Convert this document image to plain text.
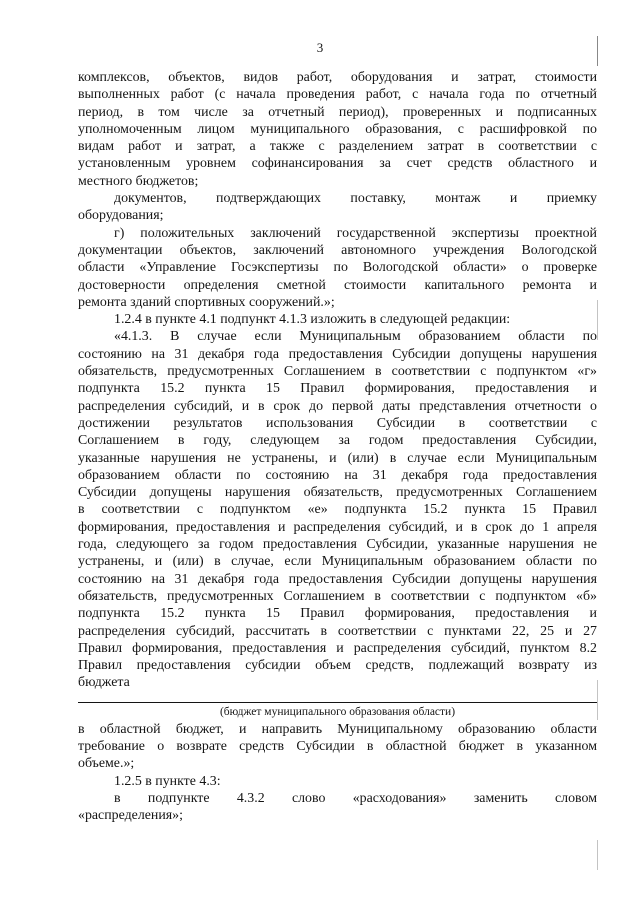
3
комплексов, объектов, видов работ, оборудования и затрат, стоимости
выполненных работ (с начала проведения работ, с начала года по отчетный
период, в том числе за отчетный период), проверенных и подписанных
уполномоченным лицом муниципального образования, с расшифровкой по
видам работ и затрат, а также с разделением затрат в соответствии с
установленным уровнем софинансирования за счет средств областного и
местного бюджетов;
документов, подтверждающих поставку, монтаж и приемку
оборудования;
г) положительных заключений государственной экспертизы проектной
документации объектов, заключений автономного учреждения Вологодской
области «Управление Госэкспертизы по Вологодской области» о проверке
достоверности определения сметной стоимости капитального ремонта и
ремонта зданий спортивных сооружений.»;
1.2.4 в пункте 4.1 подпункт 4.1.3 изложить в следующей редакции:
«4.1.3. В случае если Муниципальным образованием области по
состоянию на 31 декабря года предоставления Субсидии допущены нарушения
обязательств, предусмотренных Соглашением в соответствии с подпунктом «г»
подпункта 15.2 пункта 15 Правил формирования, предоставления и
распределения субсидий, и в срок до первой даты представления отчетности о
достижении результатов использования Субсидии в соответствии с
Соглашением в году, следующем за годом предоставления Субсидии,
указанные нарушения не устранены, и (или) в случае если Муниципальным
образованием области по состоянию на 31 декабря года предоставления
Субсидии допущены нарушения обязательств, предусмотренных Соглашением
в соответствии с подпунктом «е» подпункта 15.2 пункта 15 Правил
формирования, предоставления и распределения субсидий, и в срок до 1 апреля
года, следующего за годом предоставления Субсидии, указанные нарушения не
устранены, и (или) в случае, если Муниципальным образованием области по
состоянию на 31 декабря года предоставления Субсидии допущены нарушения
обязательств, предусмотренных Соглашением в соответствии с подпунктом «б»
подпункта 15.2 пункта 15 Правил формирования, предоставления и
распределения субсидий, рассчитать в соответствии с пунктами 22, 25 и 27
Правил формирования, предоставления и распределения субсидий, пунктом 8.2
Правил предоставления субсидии объем средств, подлежащий возврату из
бюджета
(бюджет муниципального образования области)
в областной бюджет, и направить Муниципальному образованию области
требование о возврате средств Субсидии в областной бюджет в указанном
объеме.»;
1.2.5 в пункте 4.3:
в подпункте 4.3.2 слово «расходования» заменить словом
«распределения»;
